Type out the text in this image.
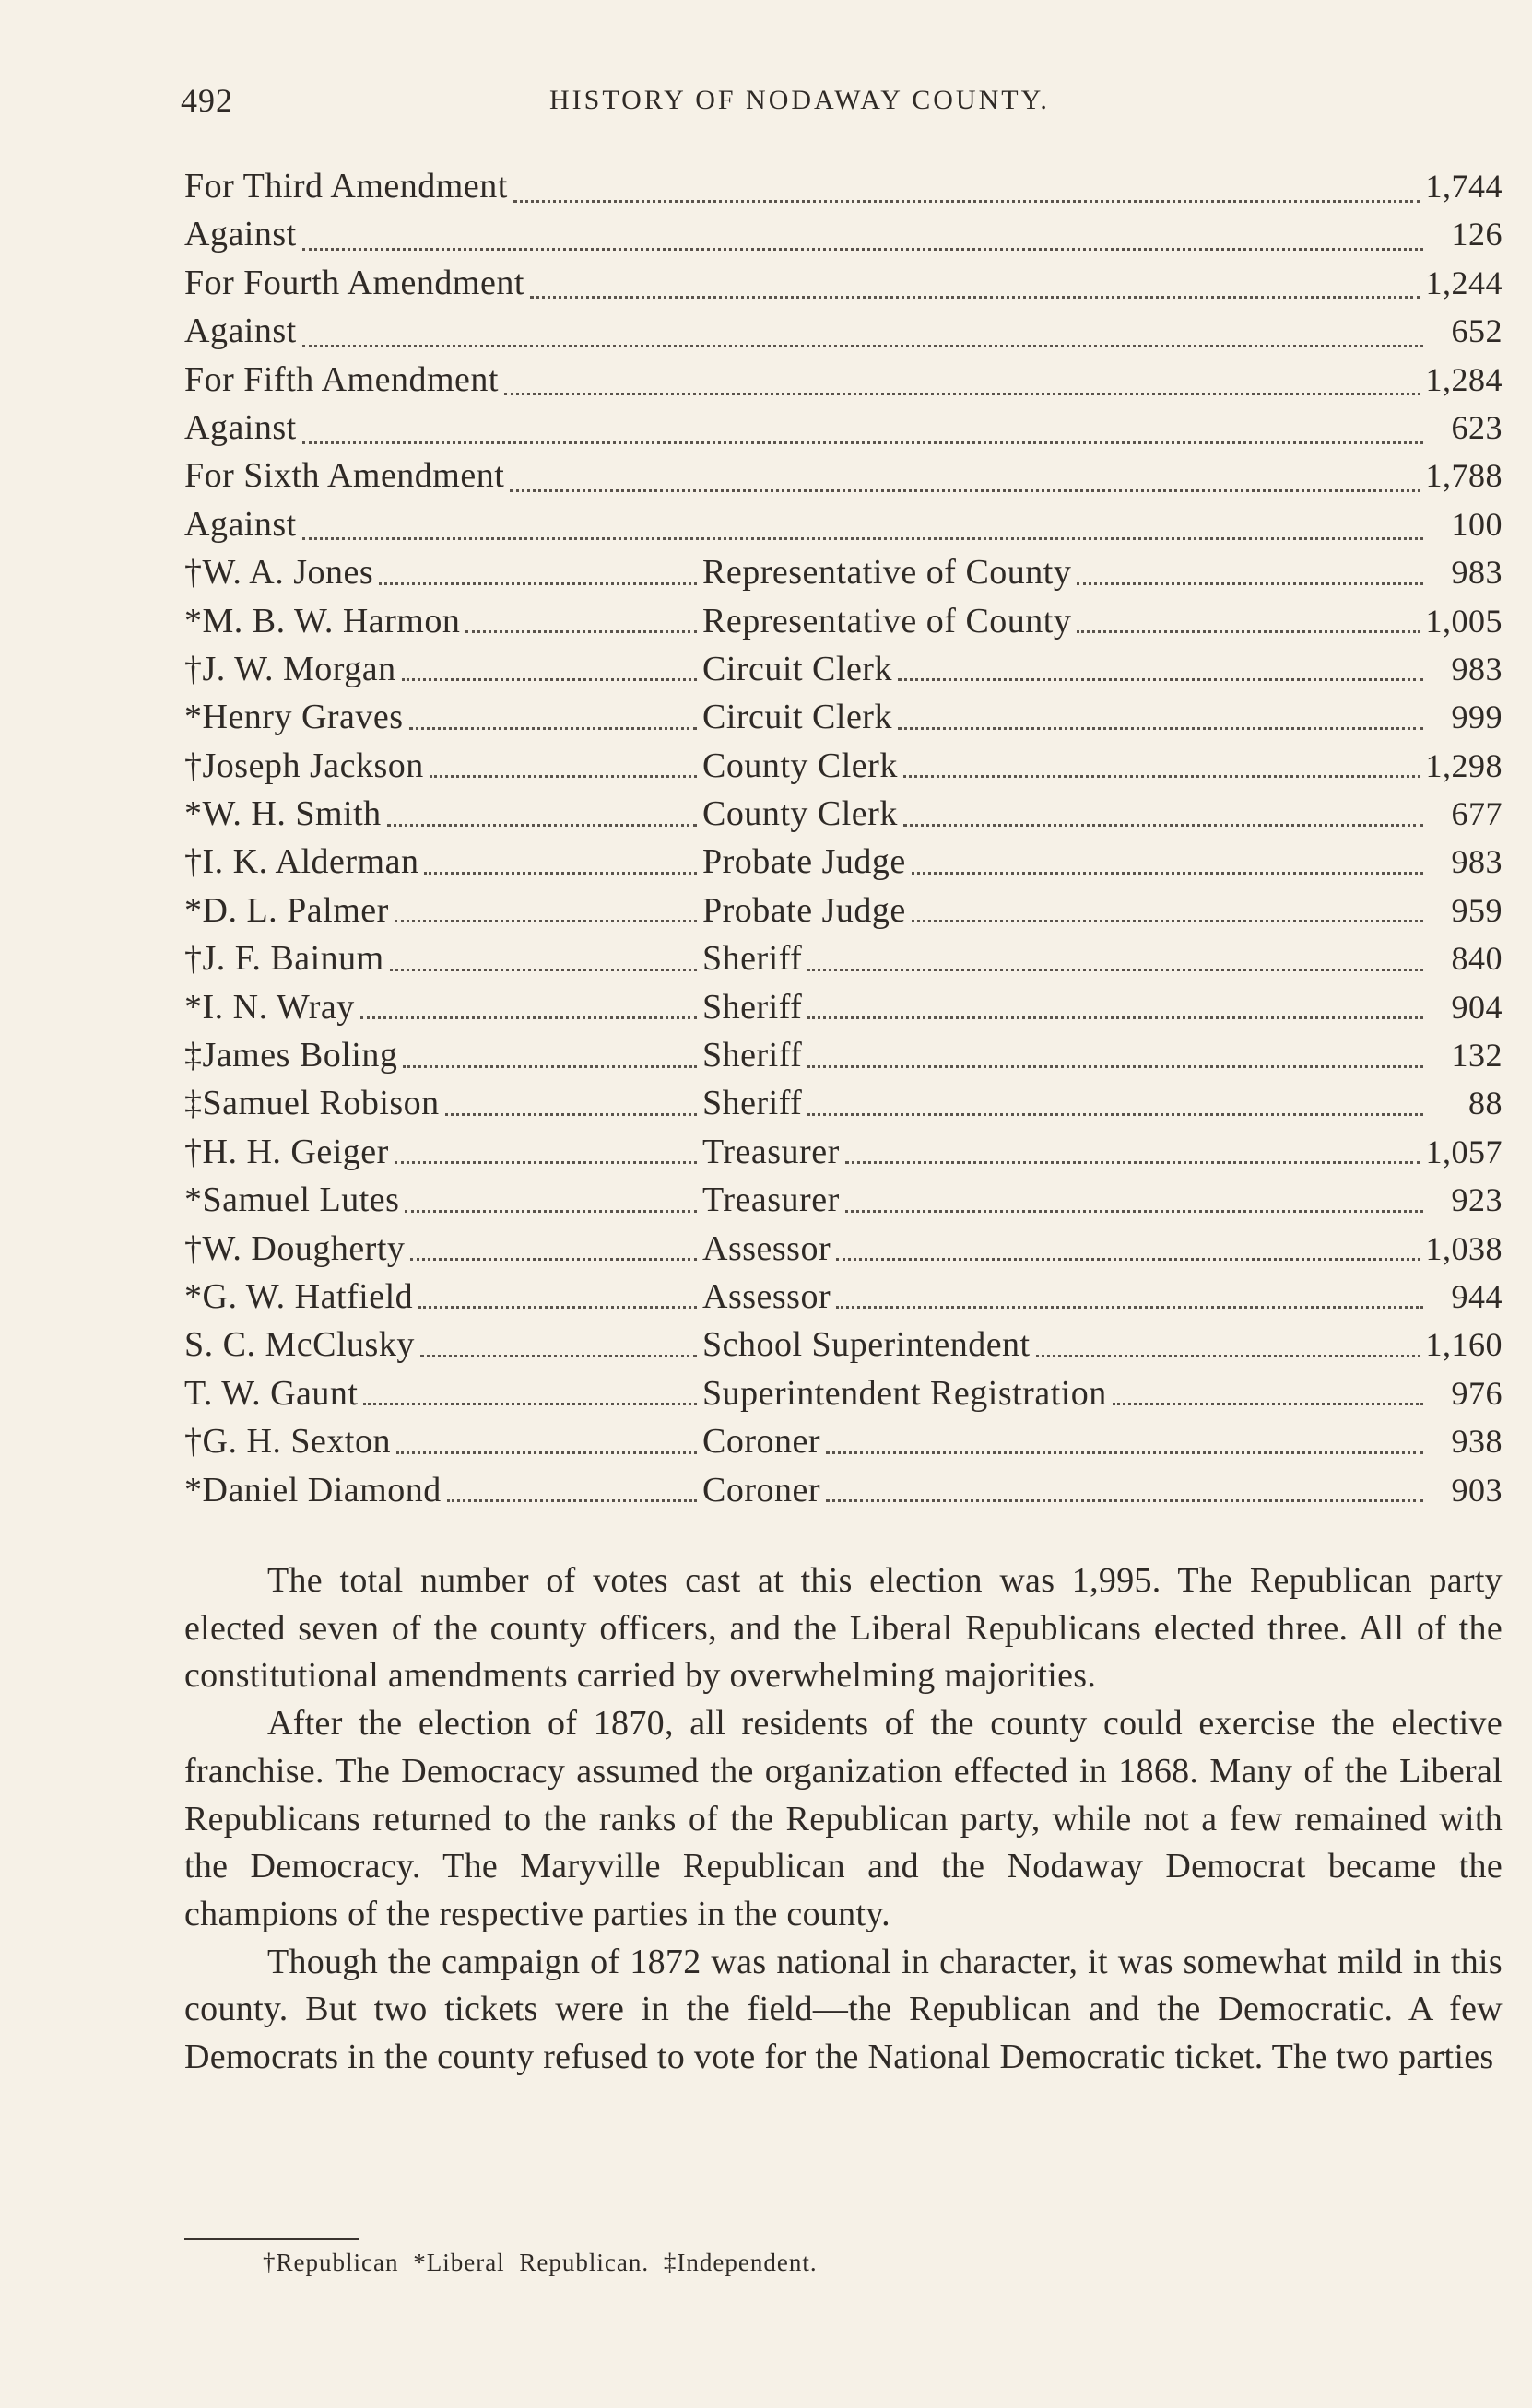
492	HISTORY OF NODAWAY COUNTY.
For Third Amendment	1,744
Against	126
For Fourth Amendment	1,244
Against	652
For Fifth Amendment	1,284
Against	623
For Sixth Amendment	1,788
Against	100
†W. A. Jones	Representative of County	983
*M. B. W. Harmon	Representative of County	1,005
†J. W. Morgan	Circuit Clerk	983
*Henry Graves	Circuit Clerk	999
†Joseph Jackson	County Clerk	1,298
*W. H. Smith	County Clerk	677
†I. K. Alderman	Probate Judge	983
*D. L. Palmer	Probate Judge	959
†J. F. Bainum	Sheriff	840
*I. N. Wray	Sheriff	904
‡James Boling	Sheriff	132
‡Samuel Robison	Sheriff	88
†H. H. Geiger	Treasurer	1,057
*Samuel Lutes	Treasurer	923
†W. Dougherty	Assessor	1,038
*G. W. Hatfield	Assessor	944
S. C. McClusky	School Superintendent	1,160
T. W. Gaunt	Superintendent Registration	976
†G. H. Sexton	Coroner	938
*Daniel Diamond	Coroner	903

The total number of votes cast at this election was 1,995. The Republican party elected seven of the county officers, and the Liberal Republicans elected three. All of the constitutional amendments carried by overwhelming majorities.

After the election of 1870, all residents of the county could exercise the elective franchise. The Democracy assumed the organization effected in 1868. Many of the Liberal Republicans returned to the ranks of the Republican party, while not a few remained with the Democracy. The Maryville Republican and the Nodaway Democrat became the champions of the respective parties in the county.

Though the campaign of 1872 was national in character, it was somewhat mild in this county. But two tickets were in the field—the Republican and the Democratic. A few Democrats in the county refused to vote for the National Democratic ticket. The two parties

†Republican *Liberal Republican. ‡Independent.
